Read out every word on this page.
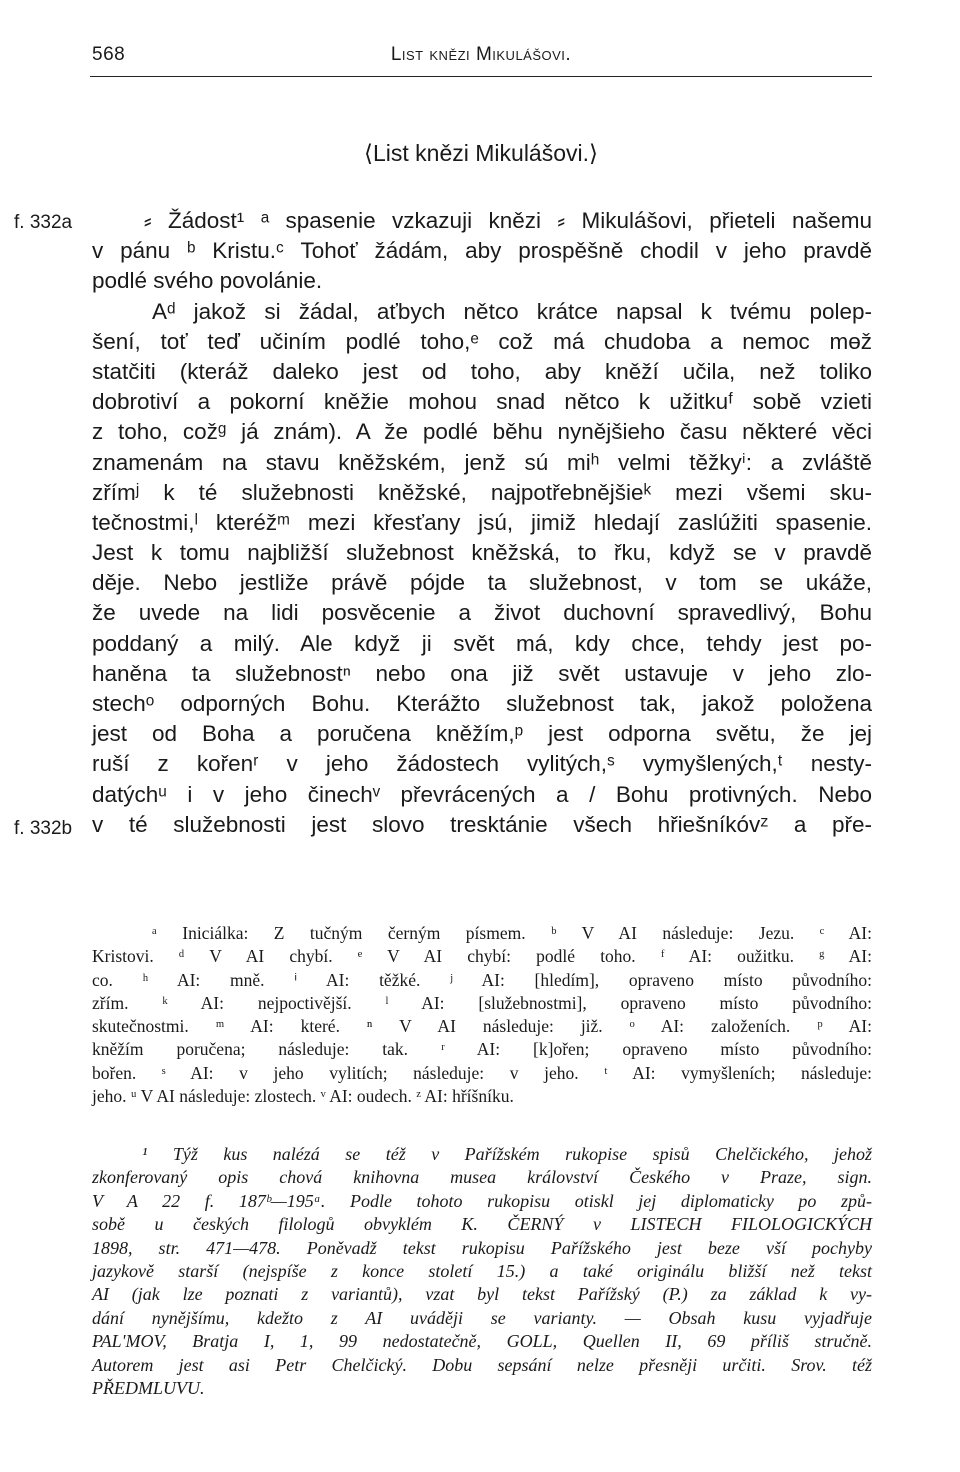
568	List knězi Mikulášovi.
⟨List knězi Mikulášovi.⟩
f. 332a
f. 332b
⸗ Žádost¹ ᵃ spasenie vzkazuji knězi ⸗ Mikulášovi, přieteli našemu
v pánu ᵇ Kristu.ᶜ Tohoť žádám, aby prospěšně chodil v jeho pravdě
podlé svého povolánie.
Aᵈ jakož si žádal, aťbych nětco krátce napsal k tvému polep-
šení, toť teď učiním podlé toho,ᵉ což má chudoba a nemoc mөž
statčiti (kteráž daleko jest od toho, aby kněží učila, než toliko
dobrotiví a pokorní kněžie mohou snad nětco k užitkuᶠ sobě vzieti
z toho, cožᵍ já znám). A že podlé běhu nynějšieho času některé věci
znamenám na stavu kněžském, jenž sú miʰ velmi těžkyⁱ: a zvláště
zřímʲ k té služebnosti kněžské, najpotřebnějšieᵏ mezi všemi sku-
tečnostmi,ˡ kteréžᵐ mezi křesťany jsú, jimiž hledají zaslúžiti spasenie.
Jest k tomu najbližší služebnost kněžská, to řku, když se v pravdě
děje. Nebo jestliže právě pójde ta služebnost, v tom se ukáže,
že uvede na lidi posvěcenie a život duchovní spravedlivý, Bohu
poddaný a milý. Ale když ji svět má, kdy chce, tehdy jest po-
haněna ta služebnostⁿ nebo ona již svět ustavuje v jeho zlo-
stechᵒ odporných Bohu. Kterážto služebnost tak, jakož položena
jest od Boha a poručena kněžím,ᵖ jest odporna světu, že jej
ruší z kořenʳ v jeho žádostech vylitých,ˢ vymyšlených,ᵗ nesty-
datýchᵘ i v jeho činechᵛ převrácených a / Bohu protivných. Nebo
v té služebnosti jest slovo tresktánie všech hřiešníkóvᶻ a pře-
ᵃ Iniciálka: Z tučným černým písmem. ᵇ V AI následuje: Jezu. ᶜ AI:
Kristovi. ᵈ V AI chybí. ᵉ V AI chybí: podlé toho. ᶠ AI: oužitku. ᵍ AI:
co. ʰ AI: mně. ⁱ AI: těžké. ʲ AI: [hledím], opraveno místo původního:
zřím. ᵏ AI: nejpoctivější. ˡ AI: [služebnostmi], opraveno místo původního:
skutečnostmi. ᵐ AI: které. ⁿ V AI následuje: již. ᵒ AI: založeních. ᵖ AI:
kněžím poručena; následuje: tak. ʳ AI: [k]ořen; opraveno místo původního:
bořen. ˢ AI: v jeho vylitích; následuje: v jeho. ᵗ AI: vymyšleních; následuje:
jeho. ᵘ V AI následuje: zlostech. ᵛ AI: oudech. ᶻ AI: hříšníku.
¹ Týž kus nalézá se též v Pařížském rukopise spisů Chelčického, jehož
zkonferovaný opis chová knihovna musea království Českého v Praze, sign.
V A 22 f. 187ᵇ—195ᵃ. Podle tohoto rukopisu otiskl jej diplomaticky po způ-
sobě u českých filologů obvyklém K. ČERNÝ v LISTECH FILOLOGICKÝCH
1898, str. 471—478. Poněvadž tekst rukopisu Pařížského jest beze vší pochyby
jazykově starší (nejspíše z konce století 15.) a také originálu bližší než tekst
AI (jak lze poznati z variantů), vzat byl tekst Pařížský (P.) za základ k vy-
dání nynějšímu, kdežto z AI uváději se varianty. — Obsah kusu vyjadřuje
PAL'MOV, Bratja I, 1, 99 nedostatečně, GOLL, Quellen II, 69 příliš stručně.
Autorem jest asi Petr Chelčický. Dobu sepsání nelze přesněji určiti. Srov. též
PŘEDMLUVU.
